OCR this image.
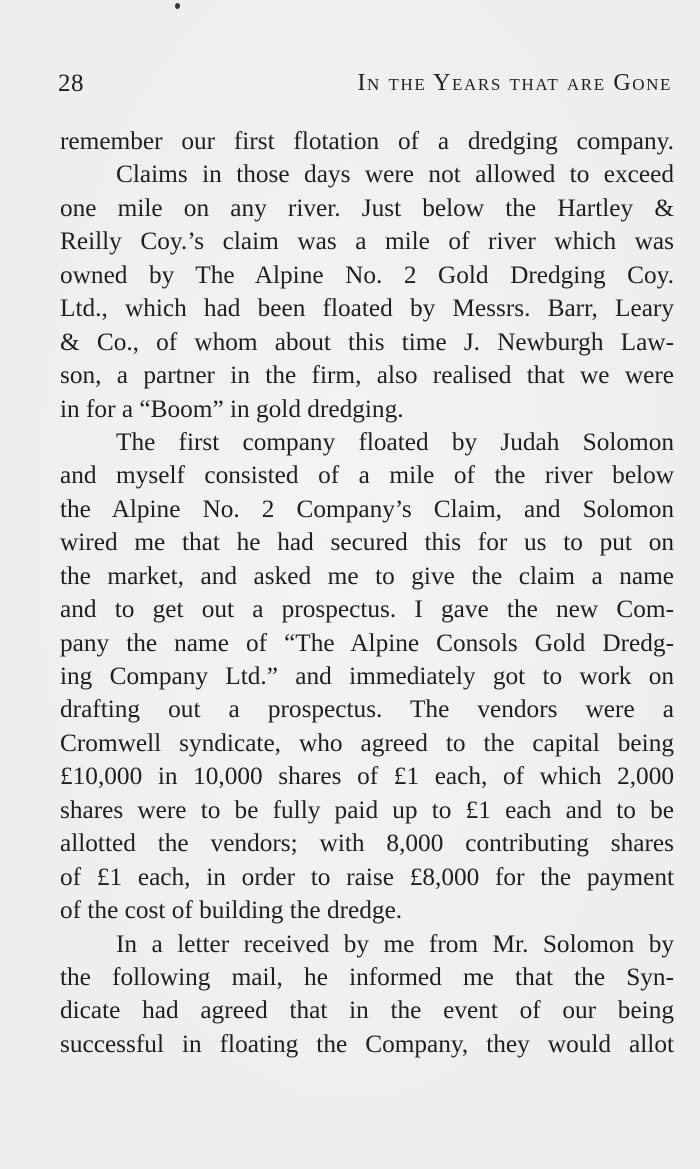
28	In the Years that are Gone
remember our first flotation of a dredging company.
Claims in those days were not allowed to exceed
one mile on any river. Just below the Hartley &
Reilly Coy.’s claim was a mile of river which was
owned by The Alpine No. 2 Gold Dredging Coy.
Ltd., which had been floated by Messrs. Barr, Leary
& Co., of whom about this time J. Newburgh Law-
son, a partner in the firm, also realised that we were
in for a “Boom” in gold dredging.
The first company floated by Judah Solomon
and myself consisted of a mile of the river below
the Alpine No. 2 Company’s Claim, and Solomon
wired me that he had secured this for us to put on
the market, and asked me to give the claim a name
and to get out a prospectus. I gave the new Com-
pany the name of “The Alpine Consols Gold Dredg-
ing Company Ltd.” and immediately got to work on
drafting out a prospectus. The vendors were a
Cromwell syndicate, who agreed to the capital being
£10,000 in 10,000 shares of £1 each, of which 2,000
shares were to be fully paid up to £1 each and to be
allotted the vendors; with 8,000 contributing shares
of £1 each, in order to raise £8,000 for the payment
of the cost of building the dredge.
In a letter received by me from Mr. Solomon by
the following mail, he informed me that the Syn-
dicate had agreed that in the event of our being
successful in floating the Company, they would allot
